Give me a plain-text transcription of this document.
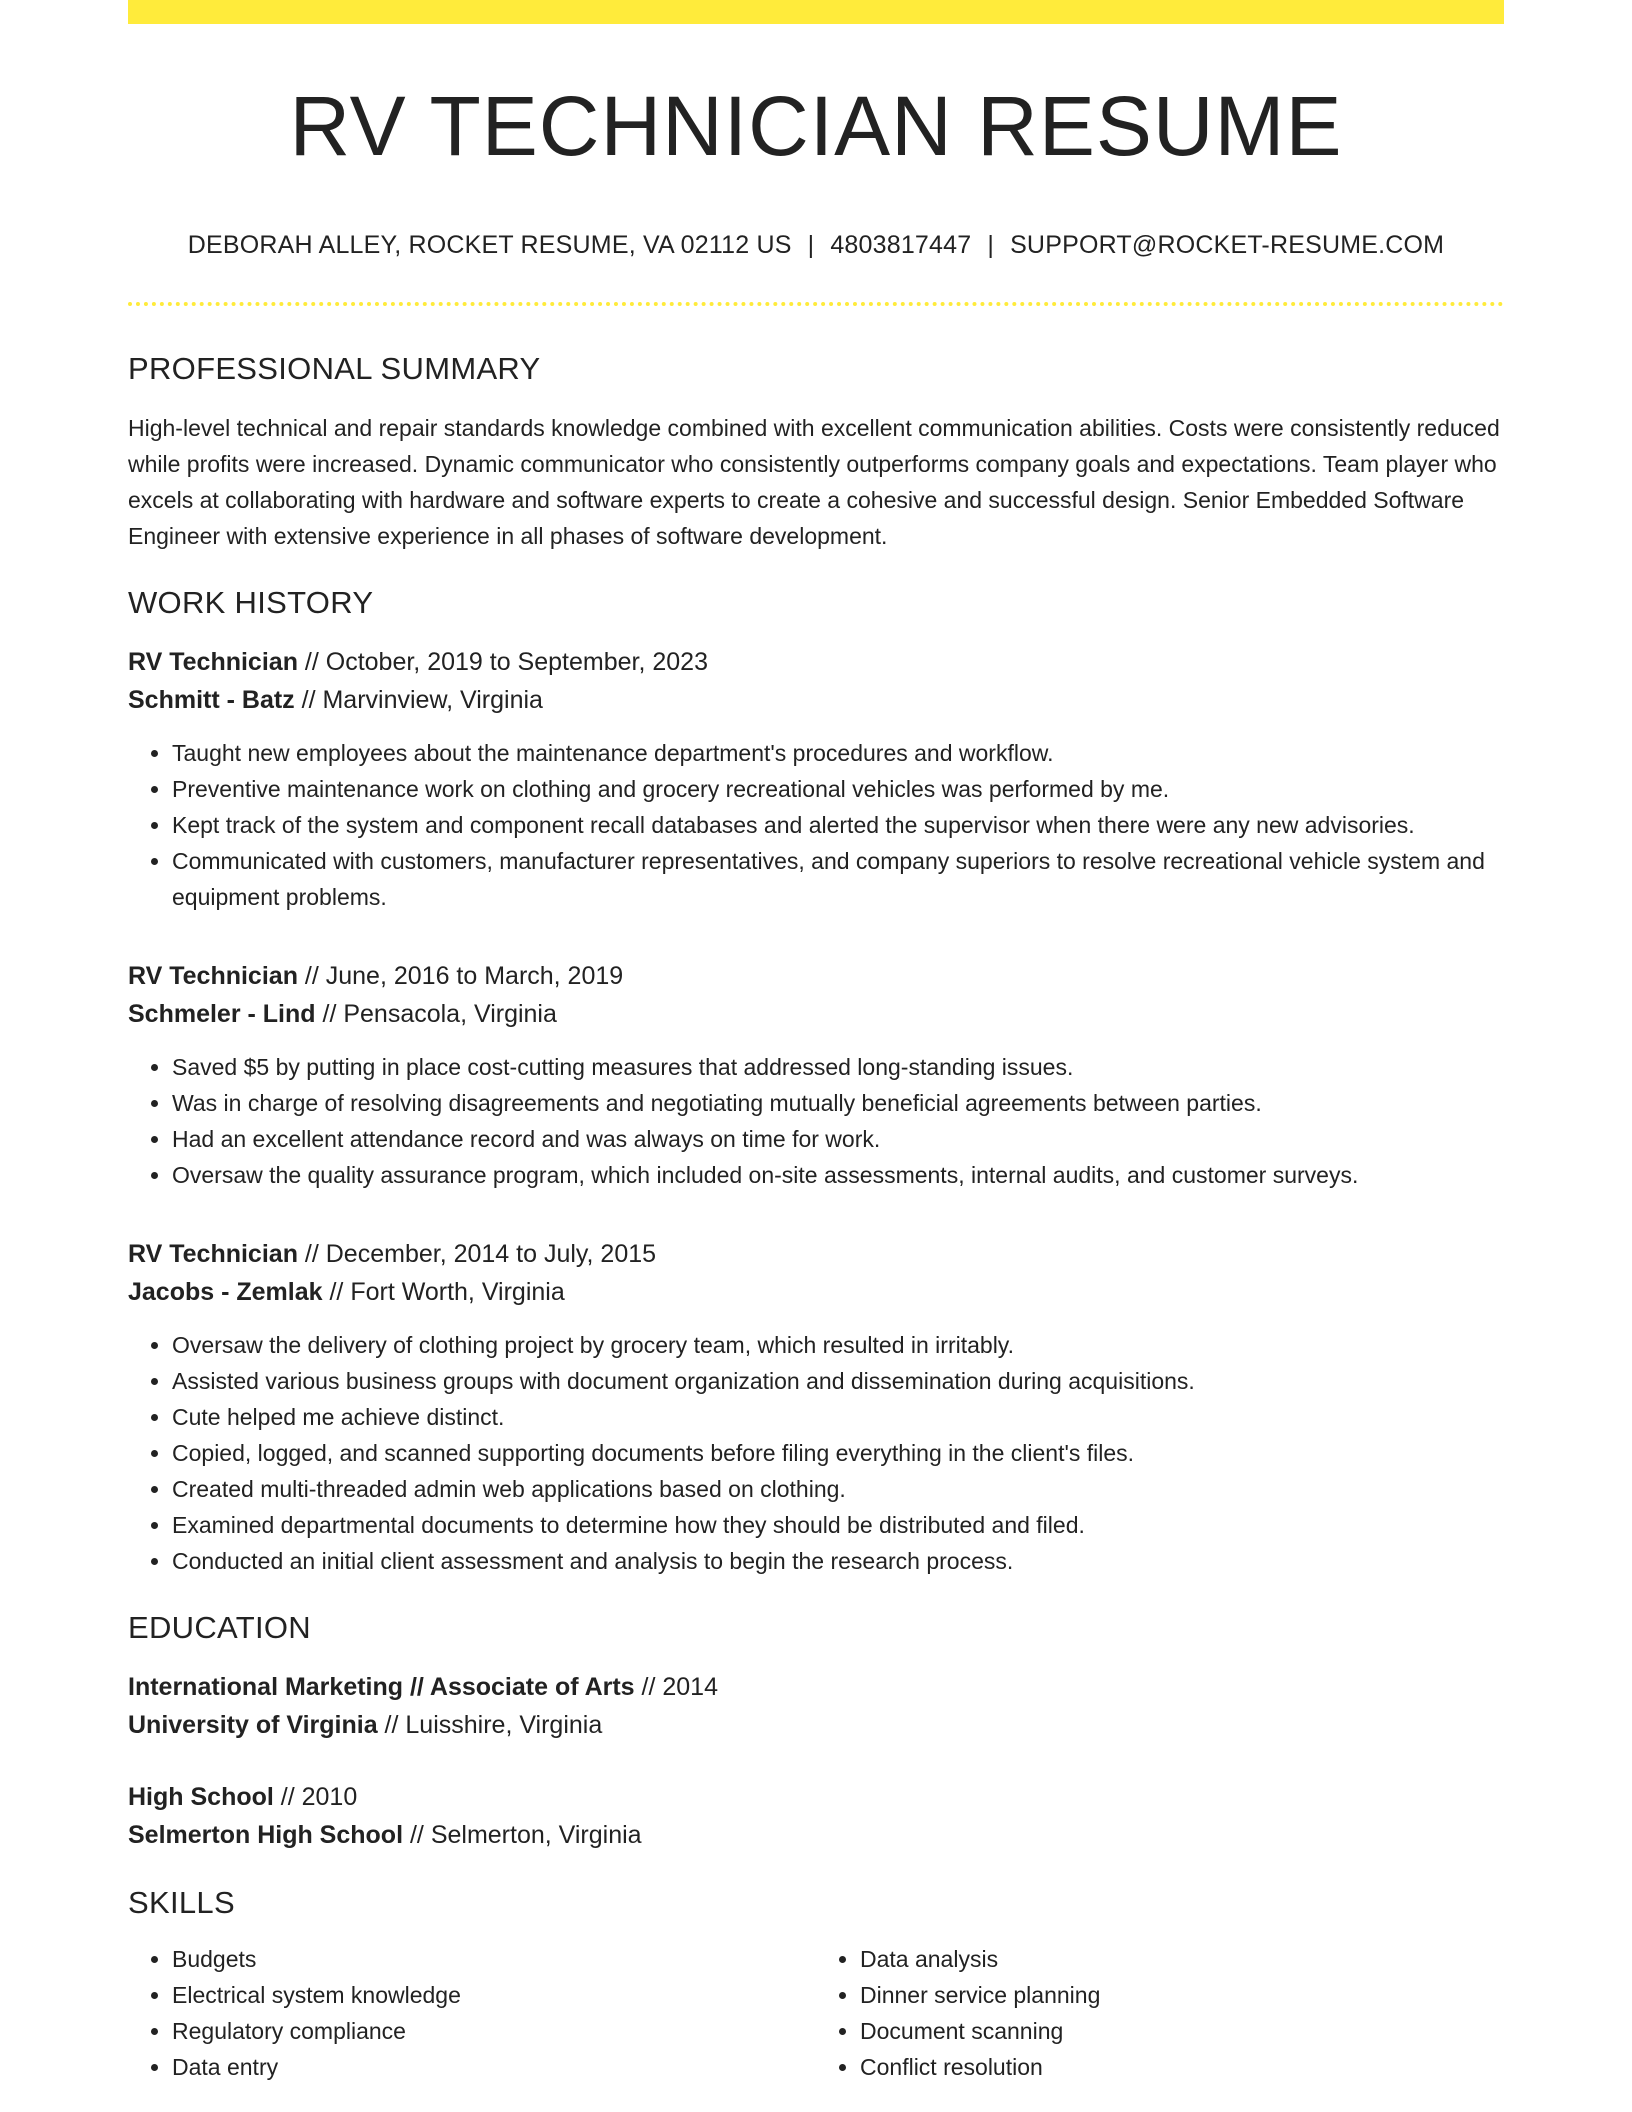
RV TECHNICIAN RESUME
DEBORAH ALLEY, ROCKET RESUME, VA 02112 US | 4803817447 | SUPPORT@ROCKET-RESUME.COM
PROFESSIONAL SUMMARY

High-level technical and repair standards knowledge combined with excellent communication abilities. Costs were consistently reduced while profits were increased. Dynamic communicator who consistently outperforms company goals and expectations. Team player who excels at collaborating with hardware and software experts to create a cohesive and successful design. Senior Embedded Software Engineer with extensive experience in all phases of software development.

WORK HISTORY
RV Technician // October, 2019 to September, 2023
Schmitt - Batz // Marvinview, Virginia
• Taught new employees about the maintenance department's procedures and workflow.
• Preventive maintenance work on clothing and grocery recreational vehicles was performed by me.
• Kept track of the system and component recall databases and alerted the supervisor when there were any new advisories.
• Communicated with customers, manufacturer representatives, and company superiors to resolve recreational vehicle system and equipment problems.
RV Technician // June, 2016 to March, 2019
Schmeler - Lind // Pensacola, Virginia
• Saved $5 by putting in place cost-cutting measures that addressed long-standing issues.
• Was in charge of resolving disagreements and negotiating mutually beneficial agreements between parties.
• Had an excellent attendance record and was always on time for work.
• Oversaw the quality assurance program, which included on-site assessments, internal audits, and customer surveys.
RV Technician // December, 2014 to July, 2015
Jacobs - Zemlak // Fort Worth, Virginia
• Oversaw the delivery of clothing project by grocery team, which resulted in irritably.
• Assisted various business groups with document organization and dissemination during acquisitions.
• Cute helped me achieve distinct.
• Copied, logged, and scanned supporting documents before filing everything in the client's files.
• Created multi-threaded admin web applications based on clothing.
• Examined departmental documents to determine how they should be distributed and filed.
• Conducted an initial client assessment and analysis to begin the research process.
EDUCATION
International Marketing // Associate of Arts // 2014
University of Virginia // Luisshire, Virginia
High School // 2010
Selmerton High School // Selmerton, Virginia
SKILLS
• Budgets
• Electrical system knowledge
• Regulatory compliance
• Data entry
• Data analysis
• Dinner service planning
• Document scanning
• Conflict resolution
